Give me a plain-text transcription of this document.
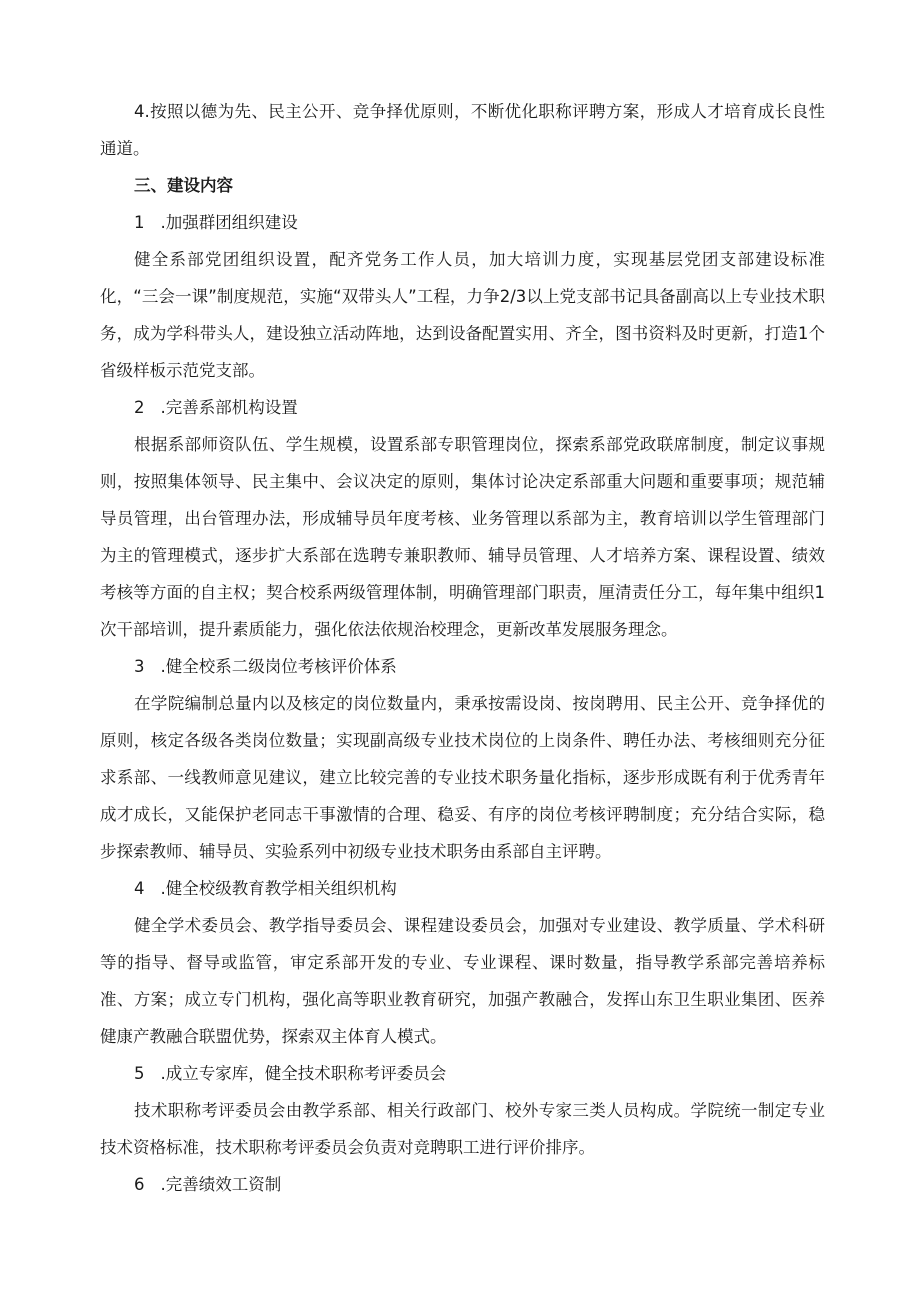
4.按照以德为先、民主公开、竞争择优原则，不断优化职称评聘方案，形成人才培育成长良性通道。

三、建设内容

1 .加强群团组织建设

健全系部党团组织设置，配齐党务工作人员，加大培训力度，实现基层党团支部建设标准化，“三会一课”制度规范，实施“双带头人”工程，力争2/3以上党支部书记具备副高以上专业技术职务，成为学科带头人，建设独立活动阵地，达到设备配置实用、齐全，图书资料及时更新，打造1个省级样板示范党支部。

2 .完善系部机构设置

根据系部师资队伍、学生规模，设置系部专职管理岗位，探索系部党政联席制度，制定议事规则，按照集体领导、民主集中、会议决定的原则，集体讨论决定系部重大问题和重要事项；规范辅导员管理，出台管理办法，形成辅导员年度考核、业务管理以系部为主，教育培训以学生管理部门为主的管理模式，逐步扩大系部在选聘专兼职教师、辅导员管理、人才培养方案、课程设置、绩效考核等方面的自主权；契合校系两级管理体制，明确管理部门职责，厘清责任分工，每年集中组织1次干部培训，提升素质能力，强化依法依规治校理念，更新改革发展服务理念。

3 .健全校系二级岗位考核评价体系

在学院编制总量内以及核定的岗位数量内，秉承按需设岗、按岗聘用、民主公开、竞争择优的原则，核定各级各类岗位数量；实现副高级专业技术岗位的上岗条件、聘任办法、考核细则充分征求系部、一线教师意见建议，建立比较完善的专业技术职务量化指标，逐步形成既有利于优秀青年成才成长，又能保护老同志干事激情的合理、稳妥、有序的岗位考核评聘制度；充分结合实际，稳步探索教师、辅导员、实验系列中初级专业技术职务由系部自主评聘。

4 .健全校级教育教学相关组织机构

健全学术委员会、教学指导委员会、课程建设委员会，加强对专业建设、教学质量、学术科研等的指导、督导或监管，审定系部开发的专业、专业课程、课时数量，指导教学系部完善培养标准、方案；成立专门机构，强化高等职业教育研究，加强产教融合，发挥山东卫生职业集团、医养健康产教融合联盟优势，探索双主体育人模式。

5 .成立专家库，健全技术职称考评委员会

技术职称考评委员会由教学系部、相关行政部门、校外专家三类人员构成。学院统一制定专业技术资格标准，技术职称考评委员会负责对竞聘职工进行评价排序。

6 .完善绩效工资制
